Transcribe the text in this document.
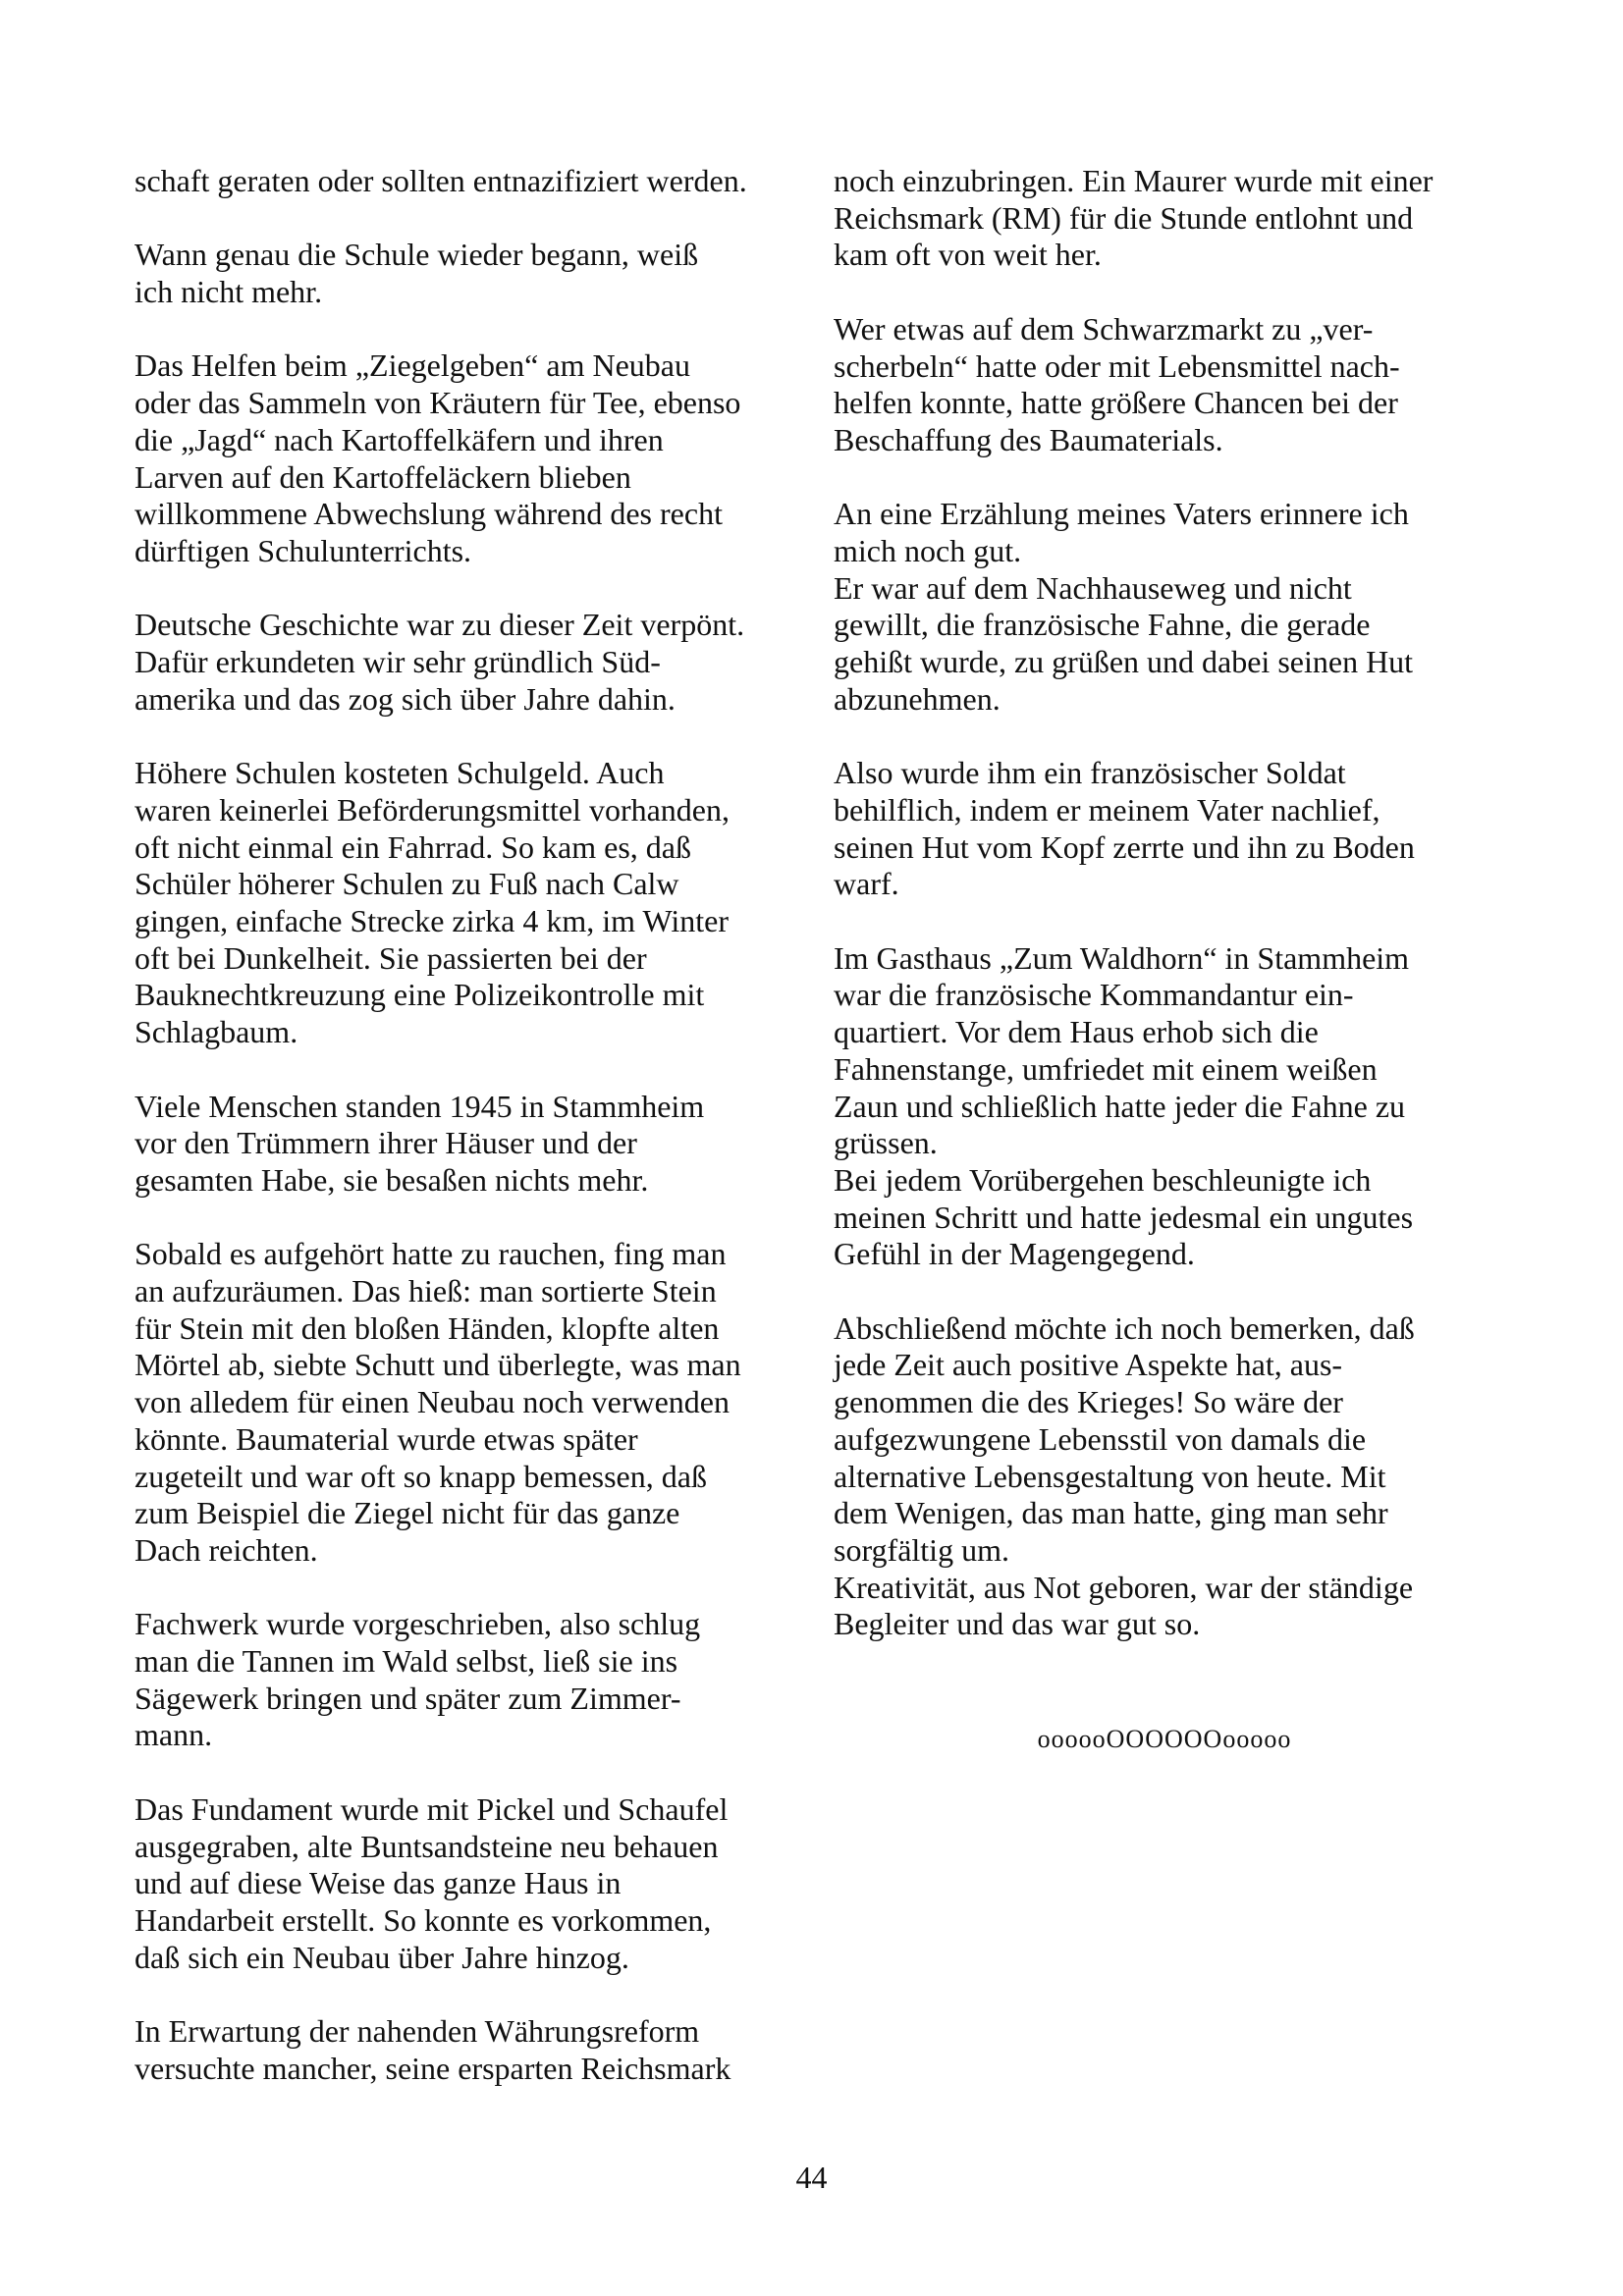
schaft geraten oder sollten entnazifiziert werden.

Wann genau die Schule wieder begann, weiß
ich nicht mehr.

Das Helfen beim „Ziegelgeben“ am Neubau
oder das Sammeln von Kräutern für Tee, ebenso
die „Jagd“ nach Kartoffelkäfern und ihren
Larven auf den Kartoffeläckern blieben
willkommene Abwechslung während des recht
dürftigen Schulunterrichts.

Deutsche Geschichte war zu dieser Zeit verpönt.
Dafür erkundeten wir sehr gründlich Süd-
amerika und das zog sich über Jahre dahin.

Höhere Schulen kosteten Schulgeld. Auch
waren keinerlei Beförderungsmittel vorhanden,
oft nicht einmal ein Fahrrad. So kam es, daß
Schüler höherer Schulen zu Fuß nach Calw
gingen, einfache Strecke zirka 4 km, im Winter
oft bei Dunkelheit. Sie passierten bei der
Bauknechtkreuzung eine Polizeikontrolle mit
Schlagbaum.

Viele Menschen standen 1945 in Stammheim
vor den Trümmern ihrer Häuser und der
gesamten Habe, sie besaßen nichts mehr.

Sobald es aufgehört hatte zu rauchen, fing man
an aufzuräumen. Das hieß: man sortierte Stein
für Stein mit den bloßen Händen, klopfte alten
Mörtel ab, siebte Schutt und überlegte, was man
von alledem für einen Neubau noch verwenden
könnte. Baumaterial wurde etwas später
zugeteilt und war oft so knapp bemessen, daß
zum Beispiel die Ziegel nicht für das ganze
Dach reichten.

Fachwerk wurde vorgeschrieben, also schlug
man die Tannen im Wald selbst, ließ sie ins
Sägewerk bringen und später zum Zimmer-
mann.

Das Fundament wurde mit Pickel und Schaufel
ausgegraben, alte Buntsandsteine neu behauen
und auf diese Weise das ganze Haus in
Handarbeit erstellt. So konnte es vorkommen,
daß sich ein Neubau über Jahre hinzog.

In Erwartung der nahenden Währungsreform
versuchte mancher, seine ersparten Reichsmark

noch einzubringen. Ein Maurer wurde mit einer
Reichsmark (RM) für die Stunde entlohnt und
kam oft von weit her.

Wer etwas auf dem Schwarzmarkt zu „ver-
scherbeln“ hatte oder mit Lebensmittel nach-
helfen konnte, hatte größere Chancen bei der
Beschaffung des Baumaterials.

An eine Erzählung meines Vaters erinnere ich
mich noch gut.

Er war auf dem Nachhauseweg und nicht
gewillt, die französische Fahne, die gerade
gehißt wurde, zu grüßen und dabei seinen Hut
abzunehmen.

Also wurde ihm ein französischer Soldat
behilflich, indem er meinem Vater nachlief,
seinen Hut vom Kopf zerrte und ihn zu Boden
warf.

Im Gasthaus „Zum Waldhorn“ in Stammheim
war die französische Kommandantur ein-
quartiert. Vor dem Haus erhob sich die
Fahnenstange, umfriedet mit einem weißen
Zaun und schließlich hatte jeder die Fahne zu
grüssen.

Bei jedem Vorübergehen beschleunigte ich
meinen Schritt und hatte jedesmal ein ungutes
Gefühl in der Magengegend.

Abschließend möchte ich noch bemerken, daß
jede Zeit auch positive Aspekte hat, aus-
genommen die des Krieges! So wäre der
aufgezwungene Lebensstil von damals die
alternative Lebensgestaltung von heute. Mit
dem Wenigen, das man hatte, ging man sehr
sorgfältig um.

Kreativität, aus Not geboren, war der ständige
Begleiter und das war gut so.

oooooOOOOOOooooo
44
